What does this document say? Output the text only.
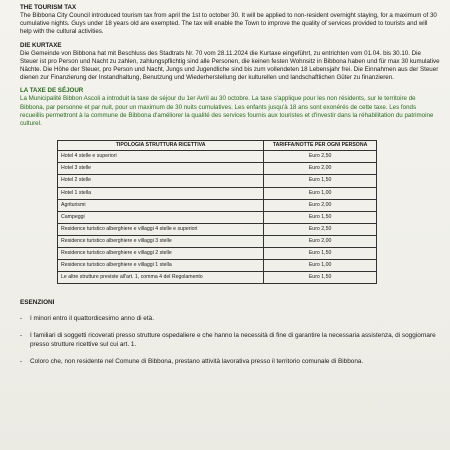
THE TOURISM TAX
The Bibbona City Council introduced tourism tax from april the 1st to october 30. It will be applied to non-resident overnight staying, for a maximum of 30 cumulative nights. Guys under 18 years old are exempted. The tax will enable the Town to improve the quality of services provided to tourists and will help with the cultural activities.
DIE KURTAXE
Die Gemeinde von Bibbona hat mit Beschluss des Stadtrats Nr. 70 vom 28.11.2024 die Kurtaxe eingeführt, zu entrichten vom 01.04. bis 30.10. Die Steuer ist pro Person und Nacht zu zahlen, zahlungspflichtig sind alle Personen, die keinen festen Wohnsitz in Bibbona haben und für max 30 kumulative Nächte. Die Höhe der Steuer, pro Person und Nacht, Jungs und Jugendliche sind bis zum vollendeten 18 Lebensjahr frei. Die Einnahmen aus der Steuer dienen zur Finanzierung der Instandhaltung, Benutzung und Wiederherstellung der kulturellen und landschaftlichen Güter zu finanzieren.
LA TAXE DE SÉJOUR
La Municipalité Bibbon Ascoli a introduit la taxe de séjour du 1er Avril au 30 octobre. La taxe s'applique pour les non résidents, sur le territoire de Bibbona, par personne et par nuit, pour un maximum de 30 nuits cumulatives. Les enfants jusqu'à 18 ans sont exonérés de cette taxe. Les fonds recueillis permettront à la commune de Bibbona d'améliorer la qualité des services fournis aux touristes et d'investir dans la réhabilitation du patrimoine culturel.
TIPOLOGIA STRUTTURA RICETTIVA	TARIFFA/NOTTE PER OGNI PERSONA
Hotel 4 stelle e superiori	Euro 2,50
Hotel 3 stelle	Euro 2,00
Hotel 2 stelle	Euro 1,50
Hotel 1 stella	Euro 1,00
Agriturismi	Euro 2,00
Campeggi	Euro 1,50
Residence turistico alberghiere e villaggi 4 stelle e superiori	Euro 2,50
Residence turistico alberghiere e villaggi 3 stelle	Euro 2,00
Residence turistico alberghiere e villaggi 2 stelle	Euro 1,50
Residence turistico alberghiere e villaggi 1 stella	Euro 1,00
Le altre strutture previste all'art. 1, comma 4 del Regolamento	Euro 1,50
ESENZIONI
-	I minori entro il quattordicesimo anno di età.
-	I familiari di soggetti ricoverati presso strutture ospedaliere e che hanno la necessità di fine di garantire la necessaria assistenza, di soggiornare presso strutture ricettive sul cui art. 1.
-	Coloro che, non residente nel Comune di Bibbona, prestano attività lavorativa presso il territorio comunale di Bibbona.
